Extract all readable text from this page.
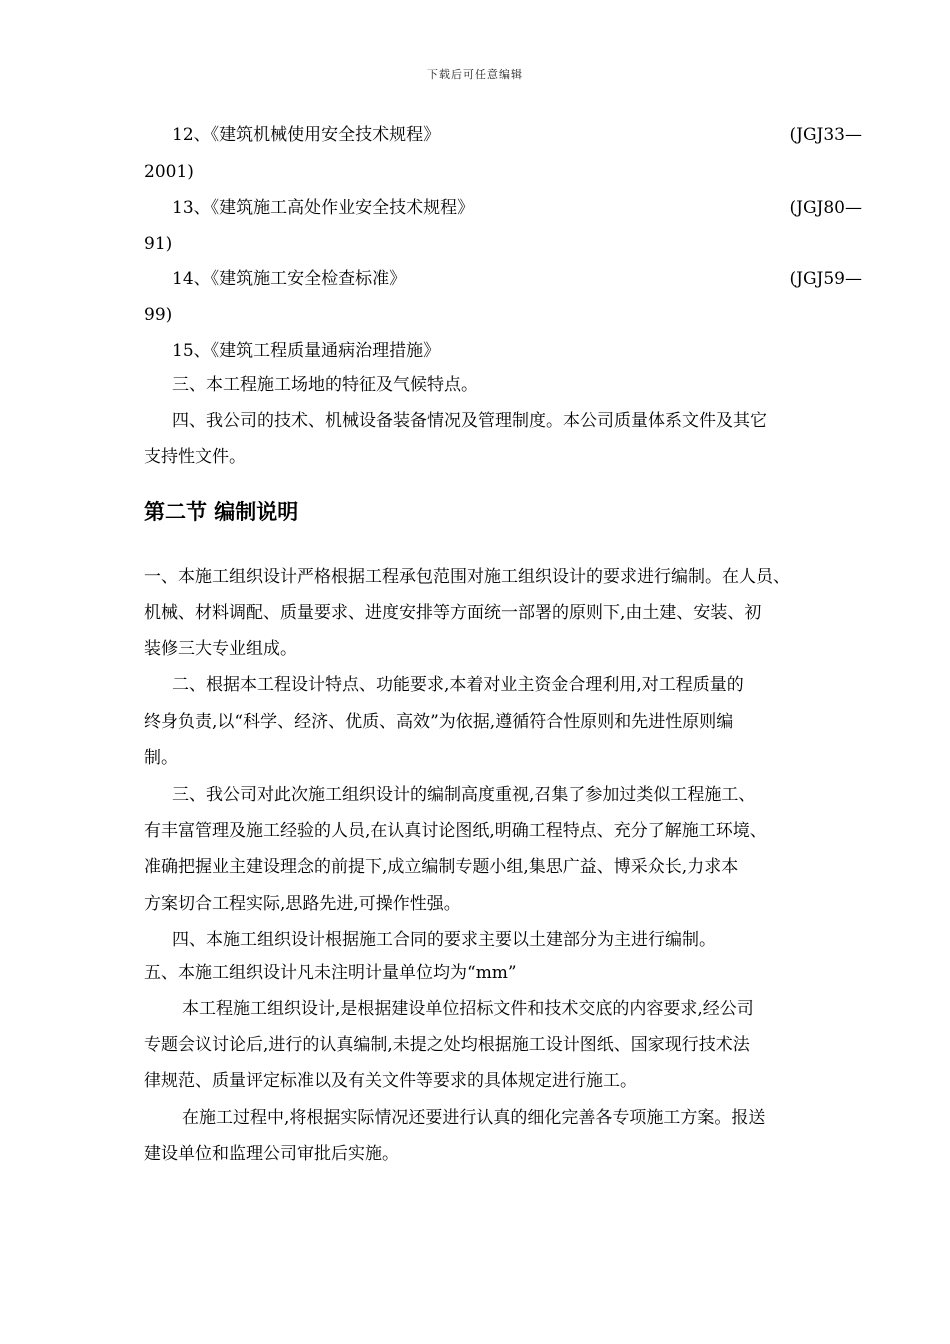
下载后可任意编辑
12、《建筑机械使用安全技术规程》	(JGJ33—
2001)
13、《建筑施工高处作业安全技术规程》	(JGJ80—
91)
14、《建筑施工安全检查标准》	(JGJ59—
99)
15、《建筑工程质量通病治理措施》
三、本工程施工场地的特征及气候特点。
四、我公司的技术、机械设备装备情况及管理制度。本公司质量体系文件及其它
支持性文件。
第二节 编制说明
一、本施工组织设计严格根据工程承包范围对施工组织设计的要求进行编制。在人员、
机械、材料调配、质量要求、进度安排等方面统一部署的原则下,由土建、安装、初
装修三大专业组成。
二、根据本工程设计特点、功能要求,本着对业主资金合理利用,对工程质量的
终身负责,以“科学、经济、优质、高效”为依据,遵循符合性原则和先进性原则编
制。
三、我公司对此次施工组织设计的编制高度重视,召集了参加过类似工程施工、
有丰富管理及施工经验的人员,在认真讨论图纸,明确工程特点、充分了解施工环境、
准确把握业主建设理念的前提下,成立编制专题小组,集思广益、博采众长,力求本
方案切合工程实际,思路先进,可操作性强。
四、本施工组织设计根据施工合同的要求主要以土建部分为主进行编制。
五、本施工组织设计凡未注明计量单位均为“mm”
本工程施工组织设计,是根据建设单位招标文件和技术交底的内容要求,经公司
专题会议讨论后,进行的认真编制,未提之处均根据施工设计图纸、国家现行技术法
律规范、质量评定标准以及有关文件等要求的具体规定进行施工。
在施工过程中,将根据实际情况还要进行认真的细化完善各专项施工方案。报送
建设单位和监理公司审批后实施。
